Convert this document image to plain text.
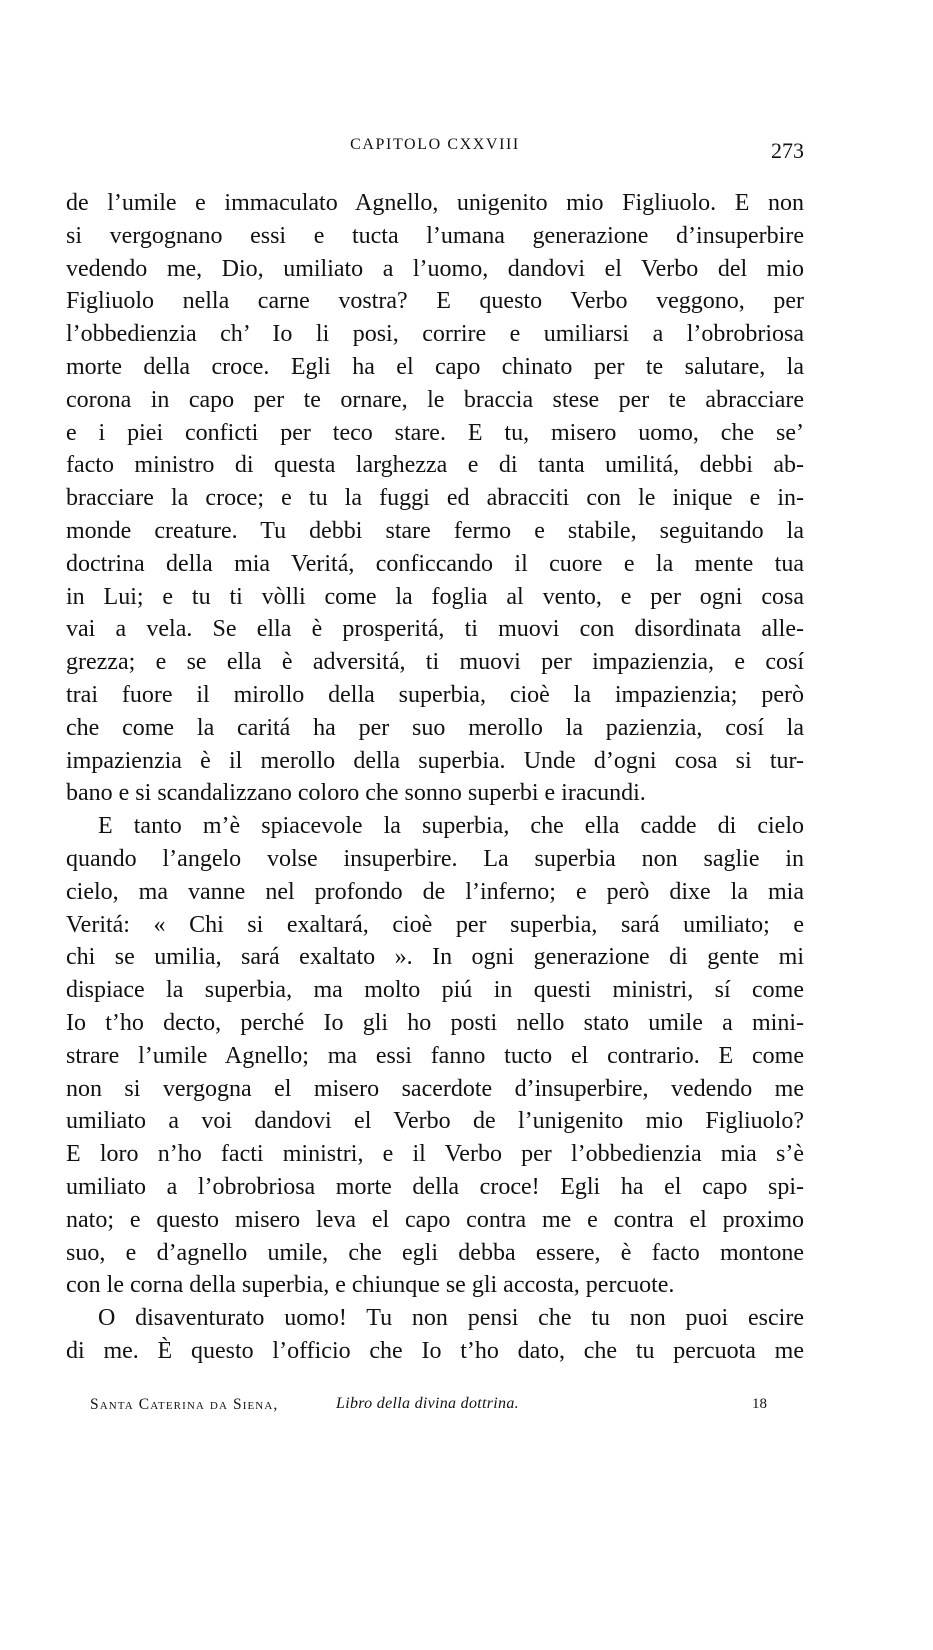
CAPITOLO CXXVIII	273
de l’umile e immaculato Agnello, unigenito mio Figliuolo. E non
si vergognano essi e tucta l’umana generazione d’insuperbire
vedendo me, Dio, umiliato a l’uomo, dandovi el Verbo del mio
Figliuolo nella carne vostra? E questo Verbo veggono, per
l’obbedienzia ch’ Io li posi, corrire e umiliarsi a l’obrobriosa
morte della croce. Egli ha el capo chinato per te salutare, la
corona in capo per te ornare, le braccia stese per te abracciare
e i piei conficti per teco stare. E tu, misero uomo, che se’
facto ministro di questa larghezza e di tanta umilitá, debbi ab-
bracciare la croce; e tu la fuggi ed abracciti con le inique e in-
monde creature. Tu debbi stare fermo e stabile, seguitando la
doctrina della mia Veritá, conficcando il cuore e la mente tua
in Lui; e tu ti vòlli come la foglia al vento, e per ogni cosa
vai a vela. Se ella è prosperitá, ti muovi con disordinata alle-
grezza; e se ella è adversitá, ti muovi per impazienzia, e cosí
trai fuore il mirollo della superbia, cioè la impazienzia; però
che come la caritá ha per suo merollo la pazienzia, cosí la
impazienzia è il merollo della superbia. Unde d’ogni cosa si tur-
bano e si scandalizzano coloro che sonno superbi e iracundi.
E tanto m’è spiacevole la superbia, che ella cadde di cielo
quando l’angelo volse insuperbire. La superbia non saglie in
cielo, ma vanne nel profondo de l’inferno; e però dixe la mia
Veritá: « Chi si exaltará, cioè per superbia, sará umiliato; e
chi se umilia, sará exaltato ». In ogni generazione di gente mi
dispiace la superbia, ma molto piú in questi ministri, sí come
Io t’ho decto, perché Io gli ho posti nello stato umile a mini-
strare l’umile Agnello; ma essi fanno tucto el contrario. E come
non si vergogna el misero sacerdote d’insuperbire, vedendo me
umiliato a voi dandovi el Verbo de l’unigenito mio Figliuolo?
E loro n’ho facti ministri, e il Verbo per l’obbedienzia mia s’è
umiliato a l’obrobriosa morte della croce! Egli ha el capo spi-
nato; e questo misero leva el capo contra me e contra el proximo
suo, e d’agnello umile, che egli debba essere, è facto montone
con le corna della superbia, e chiunque se gli accosta, percuote.
O disaventurato uomo! Tu non pensi che tu non puoi escire
di me. È questo l’officio che Io t’ho dato, che tu percuota me
Santa Caterina da Siena,	Libro della divina dottrina.	18
